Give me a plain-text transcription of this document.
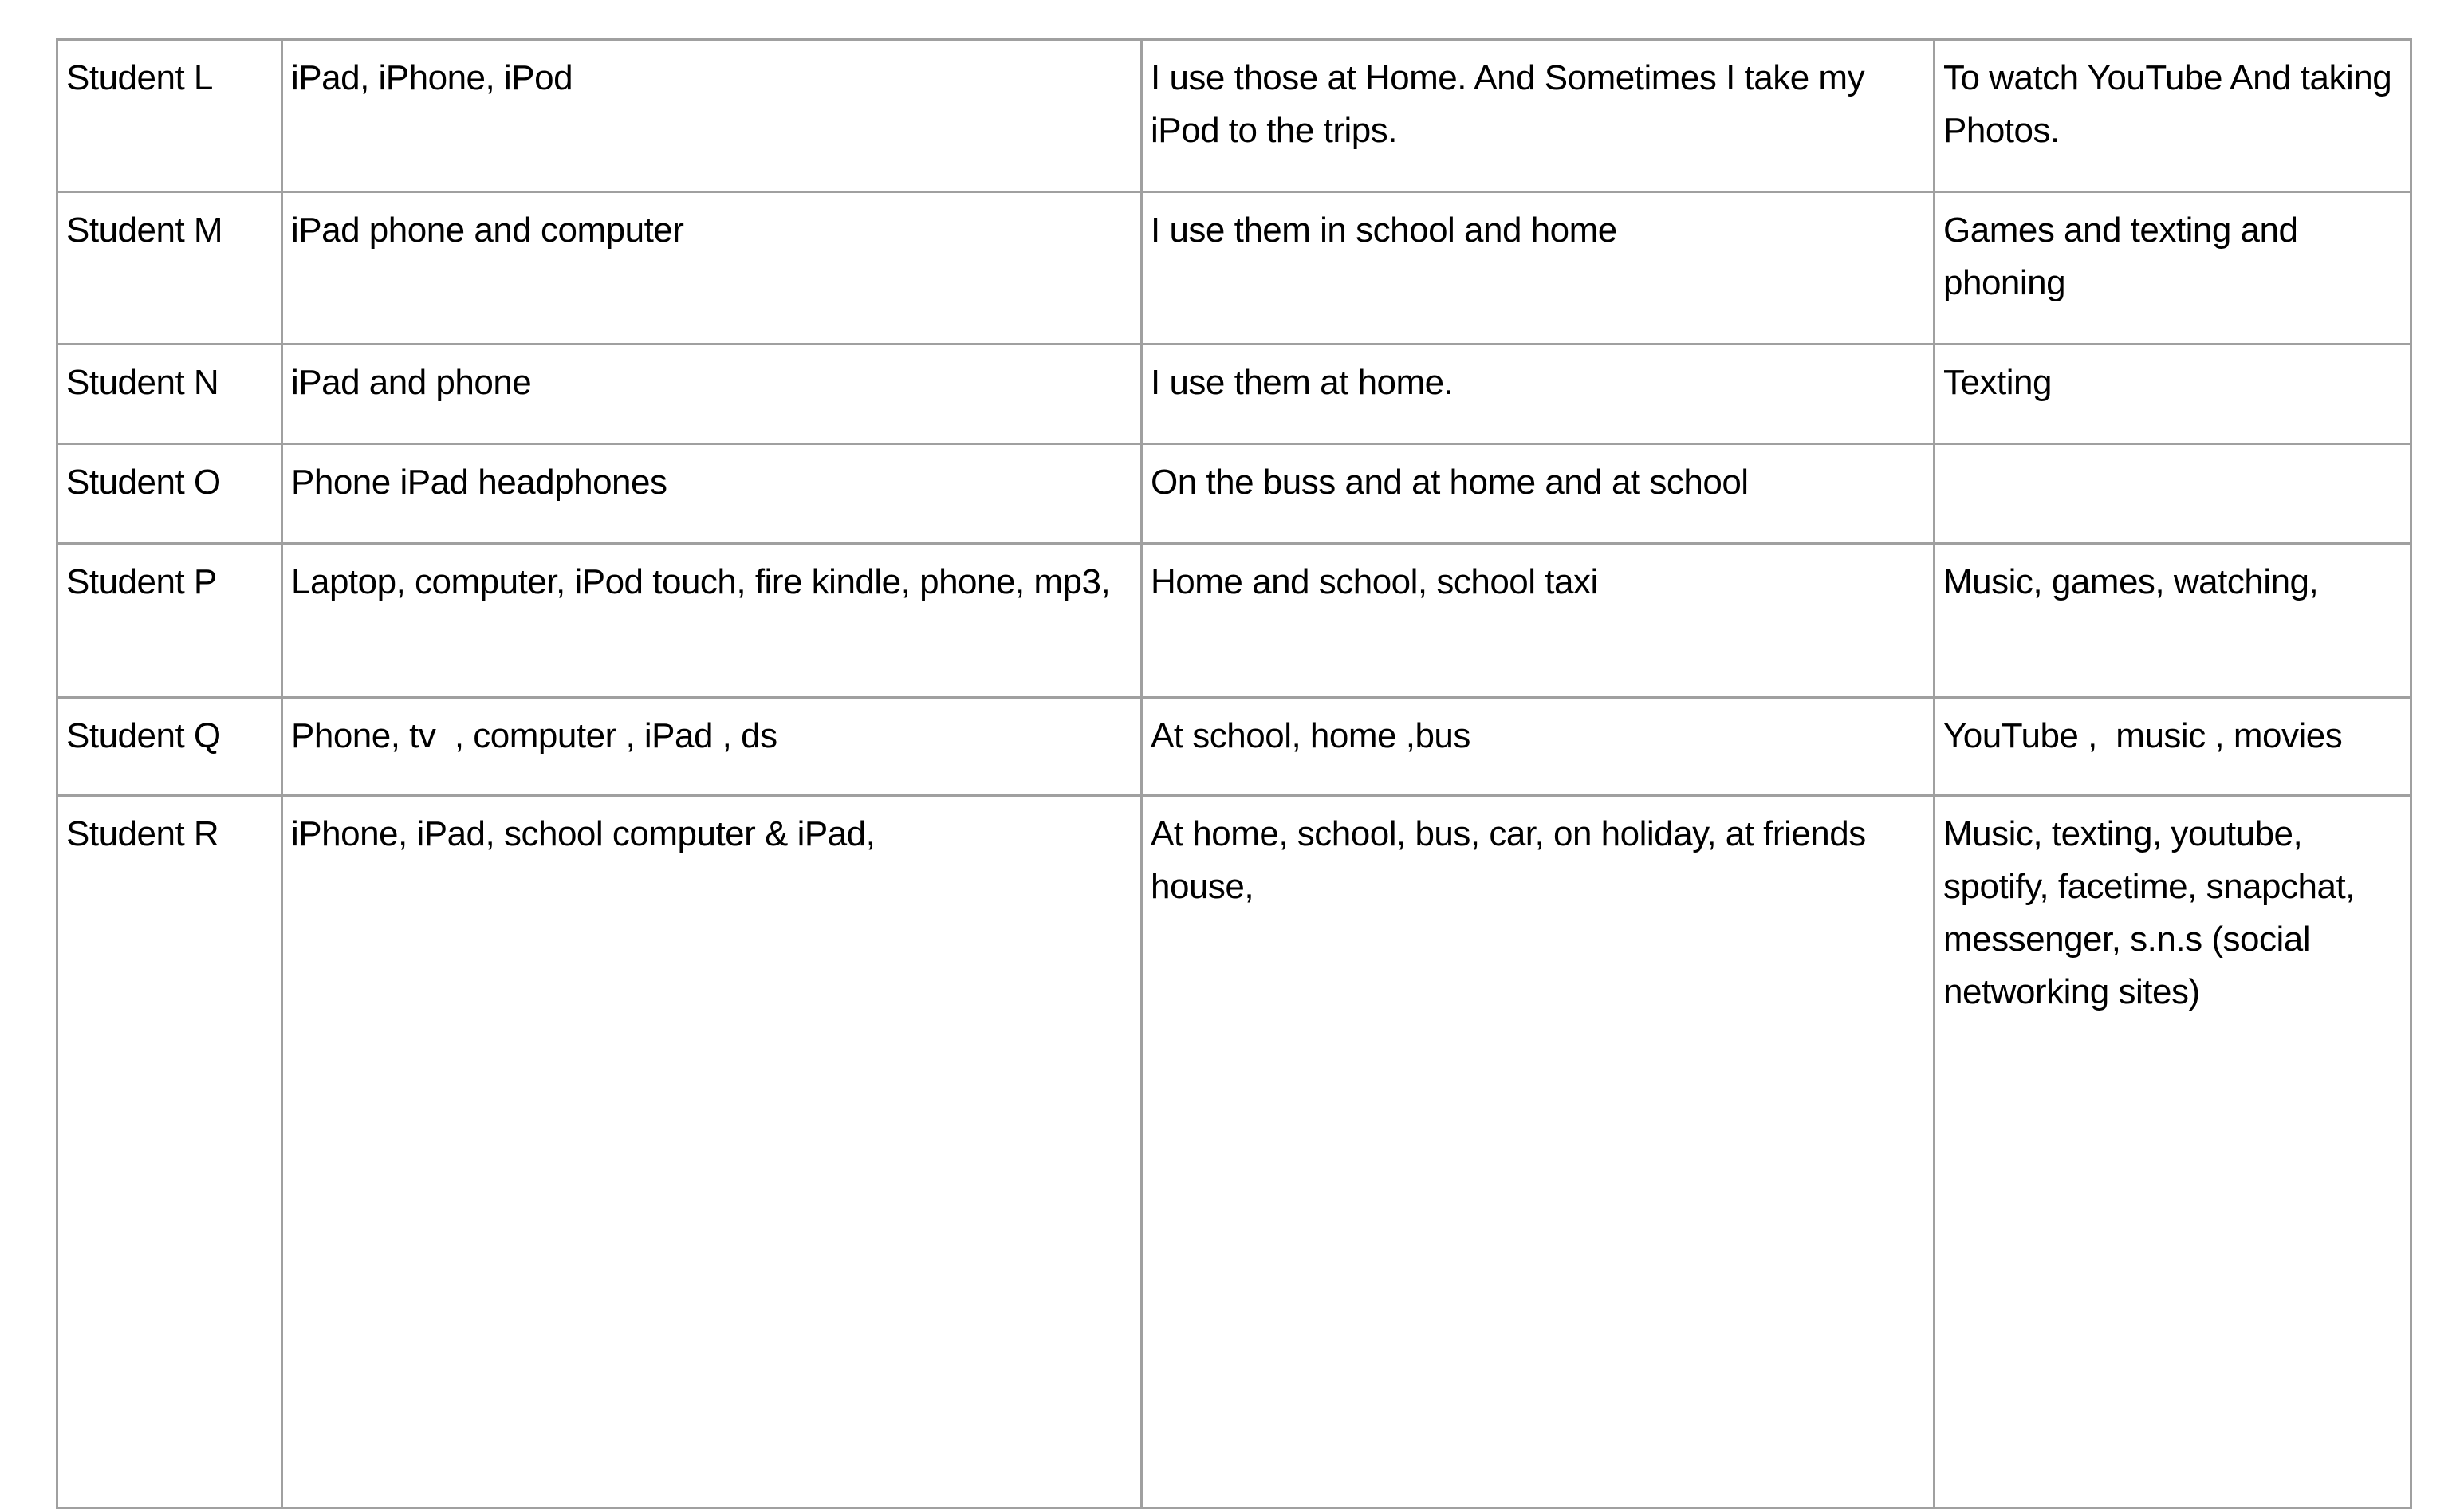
Student L	iPad, iPhone, iPod	I use those at Home. And Sometimes I take my iPod to the trips.	To watch YouTube And taking Photos.
Student M	iPad phone and computer	I use them in school and home	Games and texting and phoning
Student N	iPad and phone	I use them at home.	Texting
Student O	Phone iPad headphones	On the buss and at home and at school	
Student P	Laptop, computer, iPod touch, fire kindle, phone, mp3,	Home and school, school taxi	Music, games, watching,
Student Q	Phone, tv  , computer , iPad , ds	At school, home ,bus	YouTube ,  music , movies
Student R	iPhone, iPad, school computer & iPad,	At home, school, bus, car, on holiday, at friends house,	Music, texting, youtube, spotify, facetime, snapchat, messenger, s.n.s (social networking sites)
